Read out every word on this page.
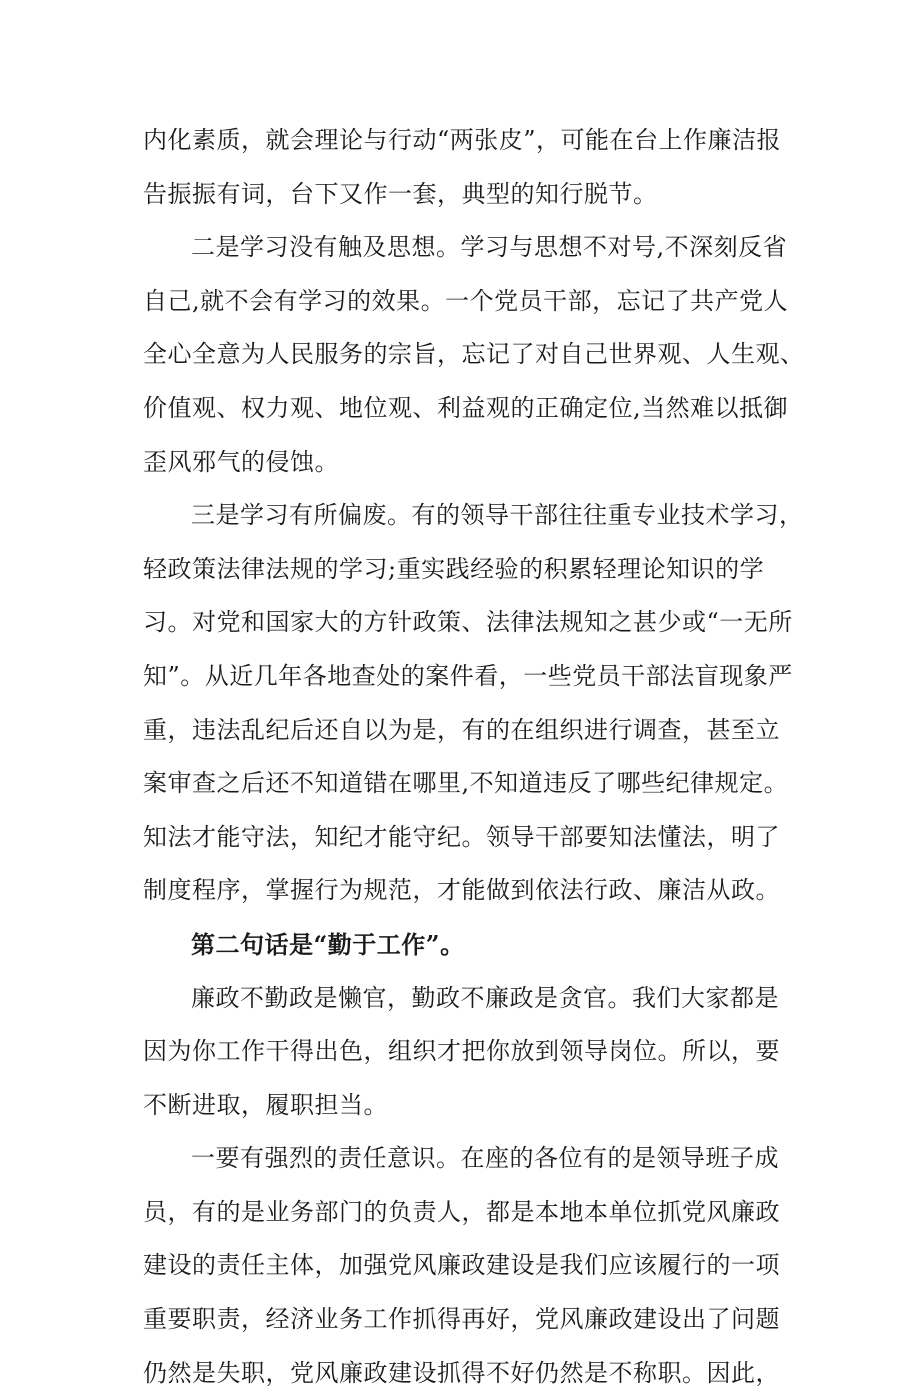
内化素质，就会理论与行动“两张皮”，可能在台上作廉洁报
告振振有词，台下又作一套，典型的知行脱节。
二是学习没有触及思想。学习与思想不对号,不深刻反省
自己,就不会有学习的效果。一个党员干部，忘记了共产党人
全心全意为人民服务的宗旨，忘记了对自己世界观、人生观、
价值观、权力观、地位观、利益观的正确定位,当然难以抵御
歪风邪气的侵蚀。
三是学习有所偏废。有的领导干部往往重专业技术学习，
轻政策法律法规的学习;重实践经验的积累轻理论知识的学
习。对党和国家大的方针政策、法律法规知之甚少或“一无所
知”。从近几年各地查处的案件看，一些党员干部法盲现象严
重，违法乱纪后还自以为是，有的在组织进行调查，甚至立
案审查之后还不知道错在哪里,不知道违反了哪些纪律规定。
知法才能守法，知纪才能守纪。领导干部要知法懂法，明了
制度程序，掌握行为规范，才能做到依法行政、廉洁从政。
第二句话是“勤于工作”。
廉政不勤政是懒官，勤政不廉政是贪官。我们大家都是
因为你工作干得出色，组织才把你放到领导岗位。所以，要
不断进取，履职担当。
一要有强烈的责任意识。在座的各位有的是领导班子成
员，有的是业务部门的负责人，都是本地本单位抓党风廉政
建设的责任主体，加强党风廉政建设是我们应该履行的一项
重要职责，经济业务工作抓得再好，党风廉政建设出了问题
仍然是失职，党风廉政建设抓得不好仍然是不称职。因此，
